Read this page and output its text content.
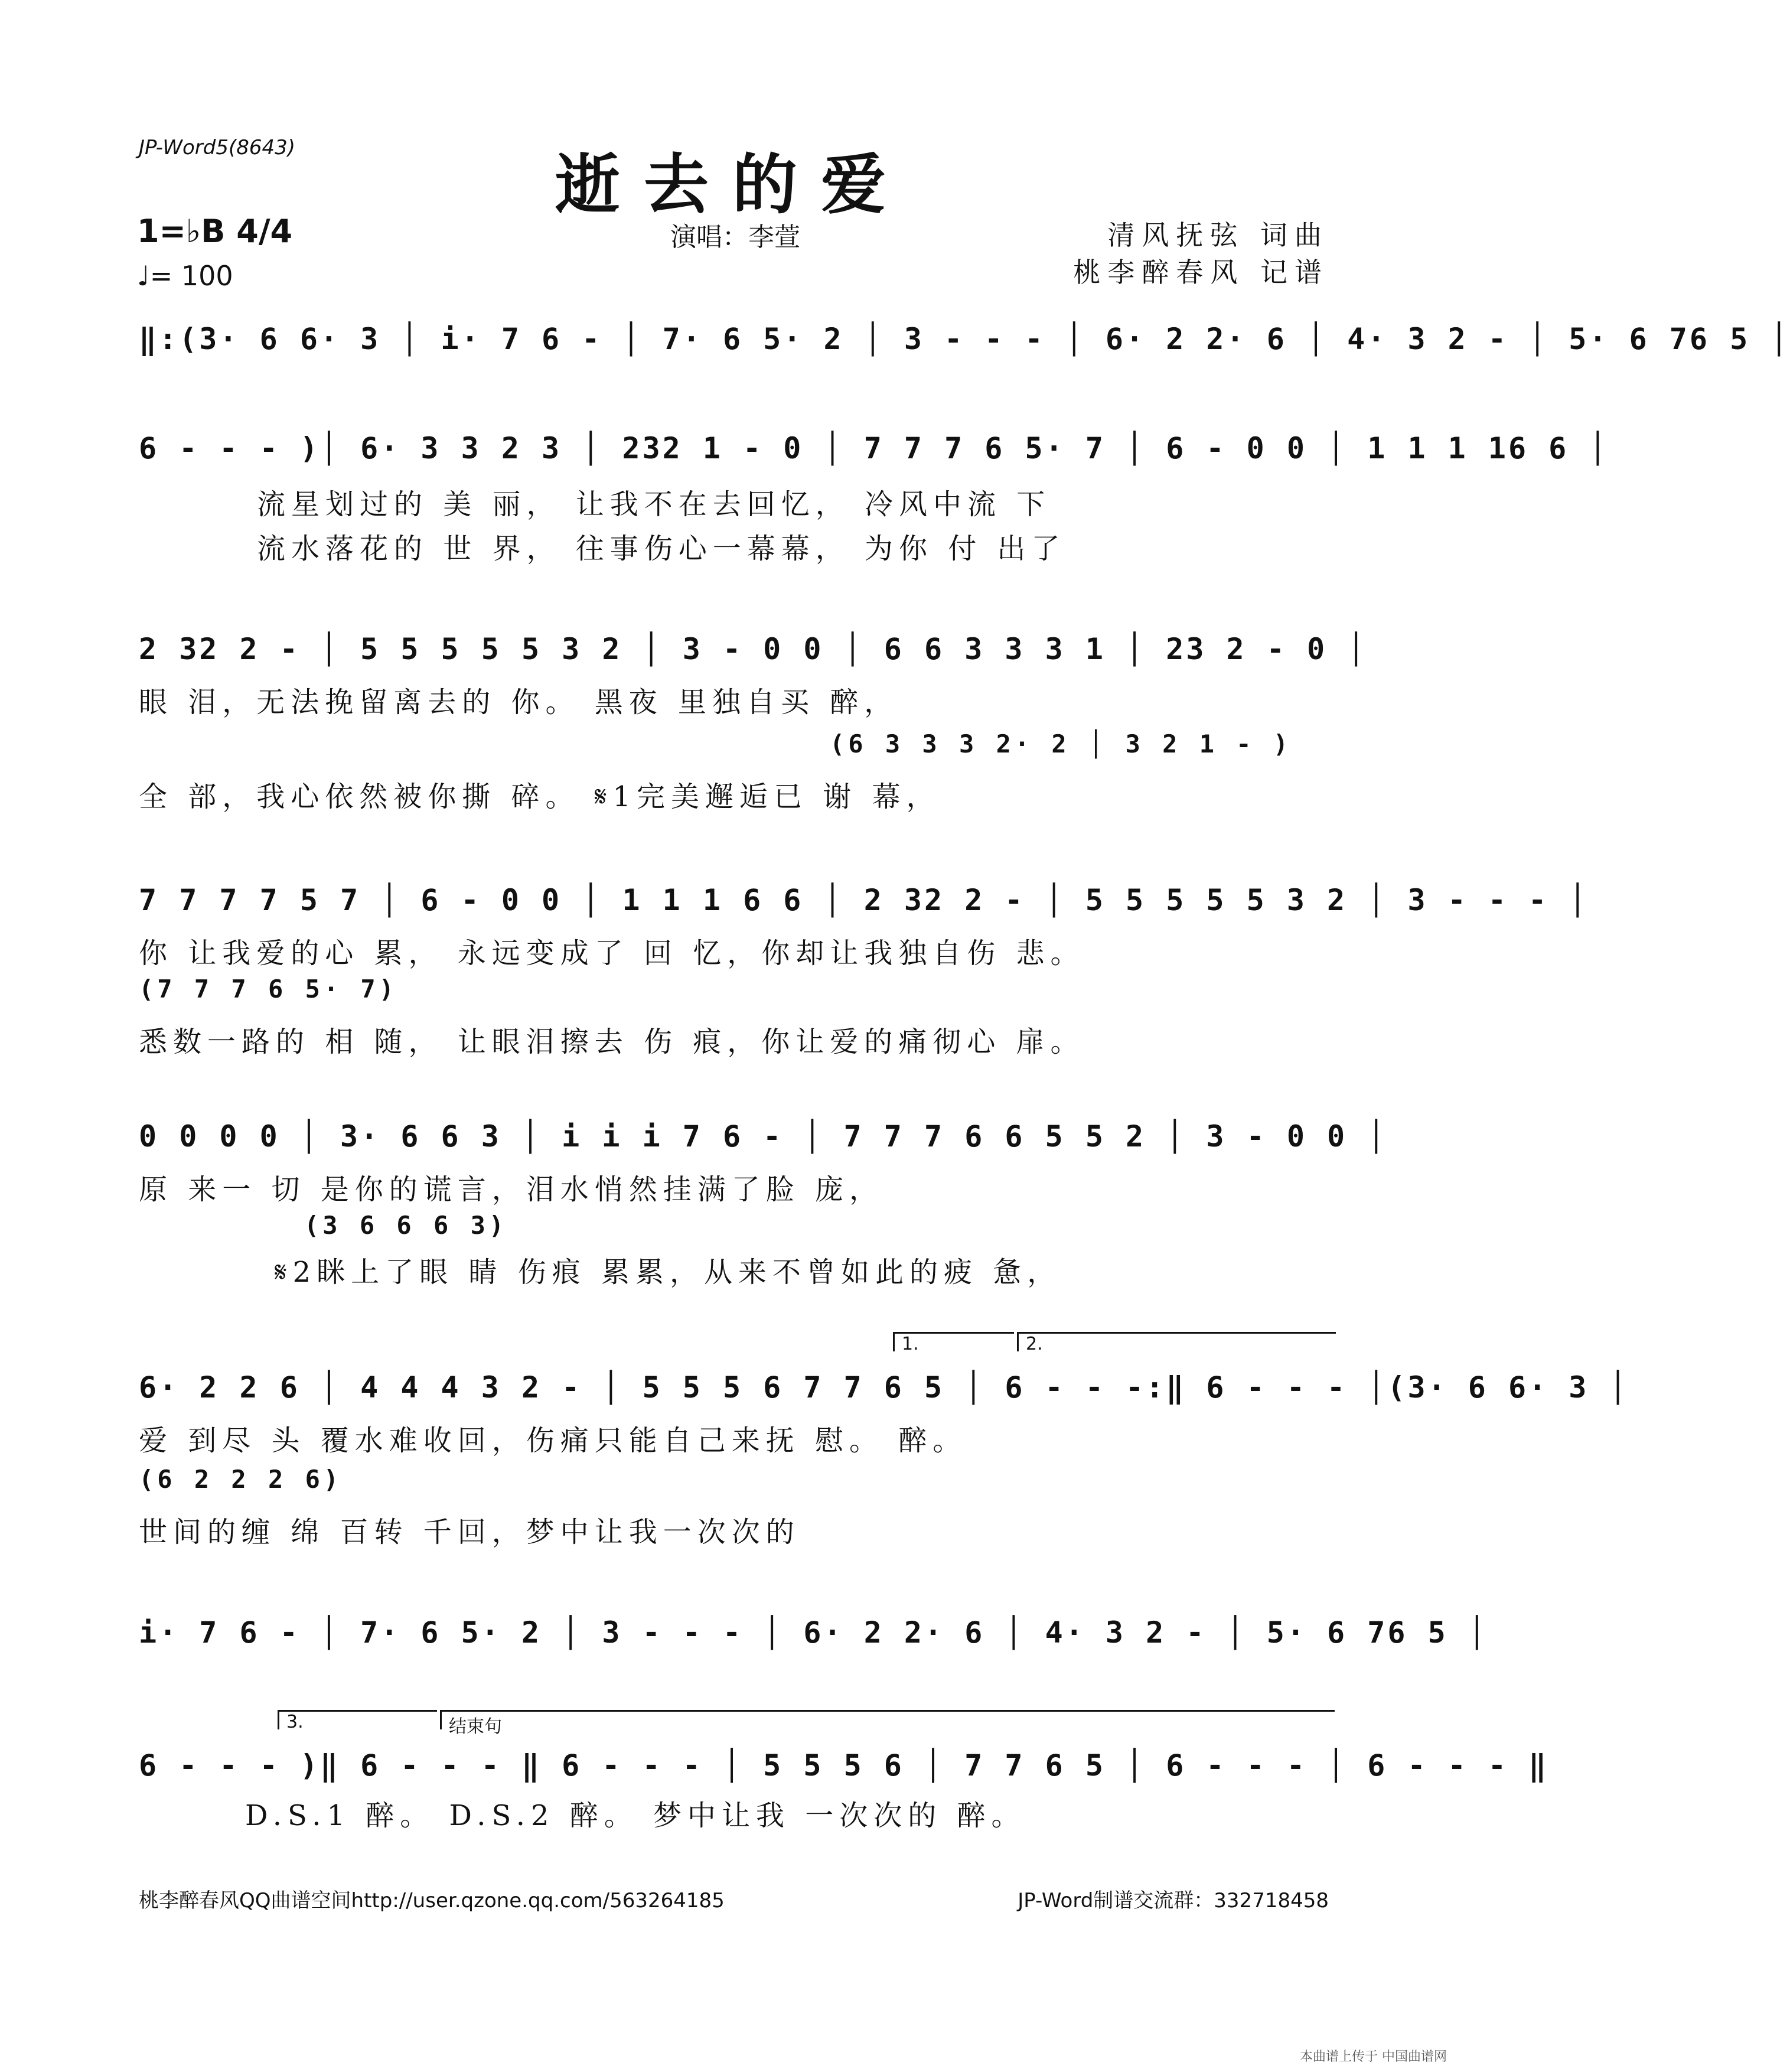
JP-Word5(8643)	逝去的爱
1=♭B 4/4
♩= 100
演唱：李萱	清风抚弦 词曲
桃李醉春风 记谱
‖:(3· 6 6· 3 │ i· 7 6 - │ 7· 6 5· 2 │ 3 - - - │ 6· 2 2· 6 │ 4· 3 2 - │ 5· 6 76 5 │
6 - - - )│ 6· 3 3 2 3 │ 232 1 - 0 │ 7 7 7 6 5· 7 │ 6 - 0 0 │ 1 1 1 16 6 │
流星划过的 美 丽， 让我不在去回忆， 冷风中流 下
流水落花的 世 界， 往事伤心一幕幕， 为你 付 出了
2 32 2 - │ 5 5 5 5 5 3 2 │ 3 - 0 0 │ 6 6 3 3 3 1 │ 23 2 - 0 │
眼 泪，无法挽留离去的 你。 黑夜 里独自买 醉，
(6 3 3 3 2· 2 │ 3 2 1 - )
全 部，我心依然被你撕 碎。 𝄋1完美邂逅已 谢 幕，
7 7 7 7 5 7 │ 6 - 0 0 │ 1 1 1 6 6 │ 2 32 2 - │ 5 5 5 5 5 3 2 │ 3 - - - │
你 让我爱的心 累， 永远变成了 回 忆，你却让我独自伤 悲。
(7 7 7 6 5· 7)
悉数一路的 相 随， 让眼泪擦去 伤 痕，你让爱的痛彻心 扉。
0 0 0 0 │ 3· 6 6 3 │ i i i 7 6 - │ 7 7 7 6 6 5 5 2 │ 3 - 0 0 │
原 来一 切 是你的谎言，泪水悄然挂满了脸 庞，
(3 6 6 6 3)
𝄋2眯上了眼 睛 伤痕 累累，从来不曾如此的疲 惫，
1.	2.
6· 2 2 6 │ 4 4 4 3 2 - │ 5 5 5 6 7 7 6 5 │ 6 - - -:‖ 6 - - - │(3· 6 6· 3 │
爱 到尽 头 覆水难收回，伤痛只能自己来抚 慰。 醉。
(6 2 2 2 6)
世间的缠 绵 百转 千回，梦中让我一次次的
i· 7 6 - │ 7· 6 5· 2 │ 3 - - - │ 6· 2 2· 6 │ 4· 3 2 - │ 5· 6 76 5 │
3.	结束句
6 - - - )‖ 6 - - - ‖ 6 - - - │ 5 5 5 6 │ 7 7 6 5 │ 6 - - - │ 6 - - - ‖
D.S.1 醉。 D.S.2 醉。 梦中让我 一次次的 醉。
桃李醉春风QQ曲谱空间http://user.qzone.qq.com/563264185	JP-Word制谱交流群：332718458
本曲谱上传于 中国曲谱网
